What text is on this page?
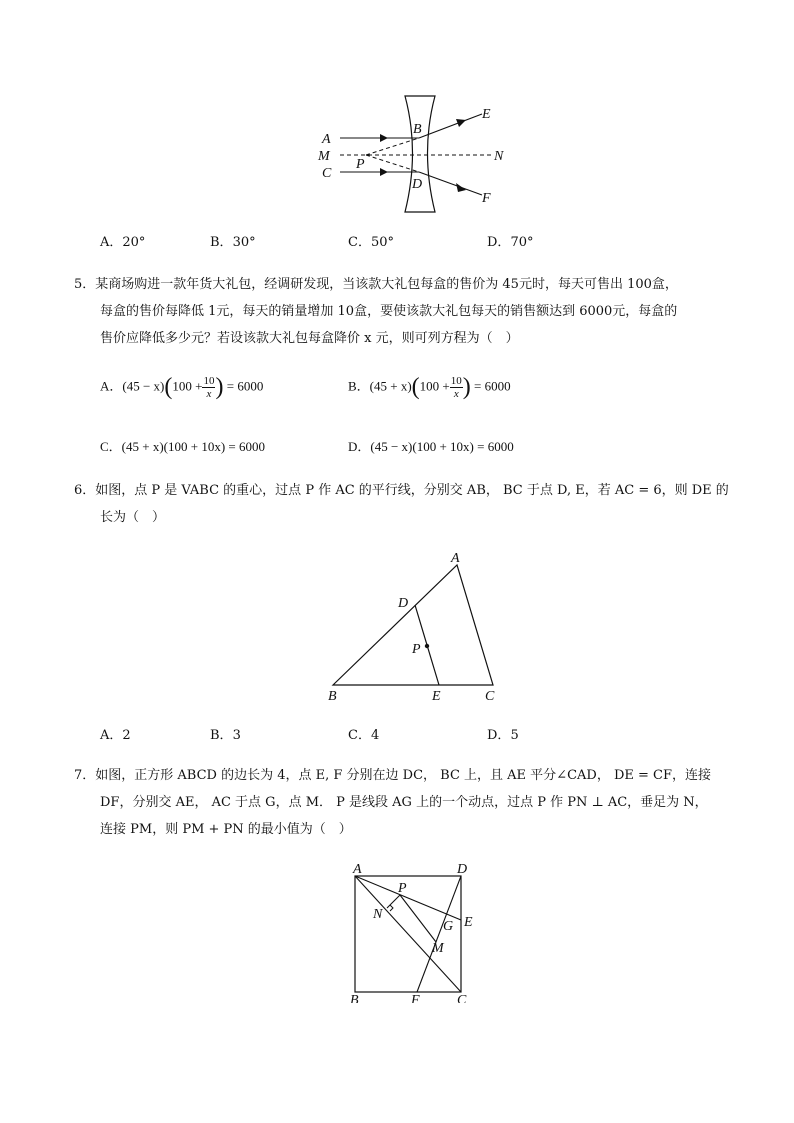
A
M
C
P
B
D
E
N
F
A．20°	B．30°	C．50°	D．70°
5．某商场购进一款年货大礼包，经调研发现，当该款大礼包每盒的售价为 45元时，每天可售出 100盒，
每盒的售价每降低 1元，每天的销量增加 10盒，要使该款大礼包每天的销售额达到 6000元，每盒的
售价应降低多少元？若设该款大礼包每盒降价 x 元，则可列方程为（　）
A．$(45 - x)(100 + \frac{10}{x}$ ) = 6000	B．$(45 + x)(100 + \frac{10}{x}$ ) = 6000
C．(45 + x)(100 + 10x) = 6000	D．(45 − x)(100 + 10x) = 6000
6．如图，点 P 是 VABC 的重心，过点 P 作 AC 的平行线，分别交 AB， BC 于点 D, E，若 AC = 6，则 DE 的
长为（　）
A
B	C
D
E
P
A．2	B．3	C．4	D．5
7．如图，正方形 ABCD 的边长为 4，点 E, F 分别在边 DC， BC 上，且 AE 平分∠CAD， DE = CF，连接
DF，分别交 AE， AC 于点 G，点 M． P 是线段 AG 上的一个动点，过点 P 作 PN ⊥ AC，垂足为 N，
连接 PM，则 PM + PN 的最小值为（　）
A	D
B	C
E
F
G
M
N
P
